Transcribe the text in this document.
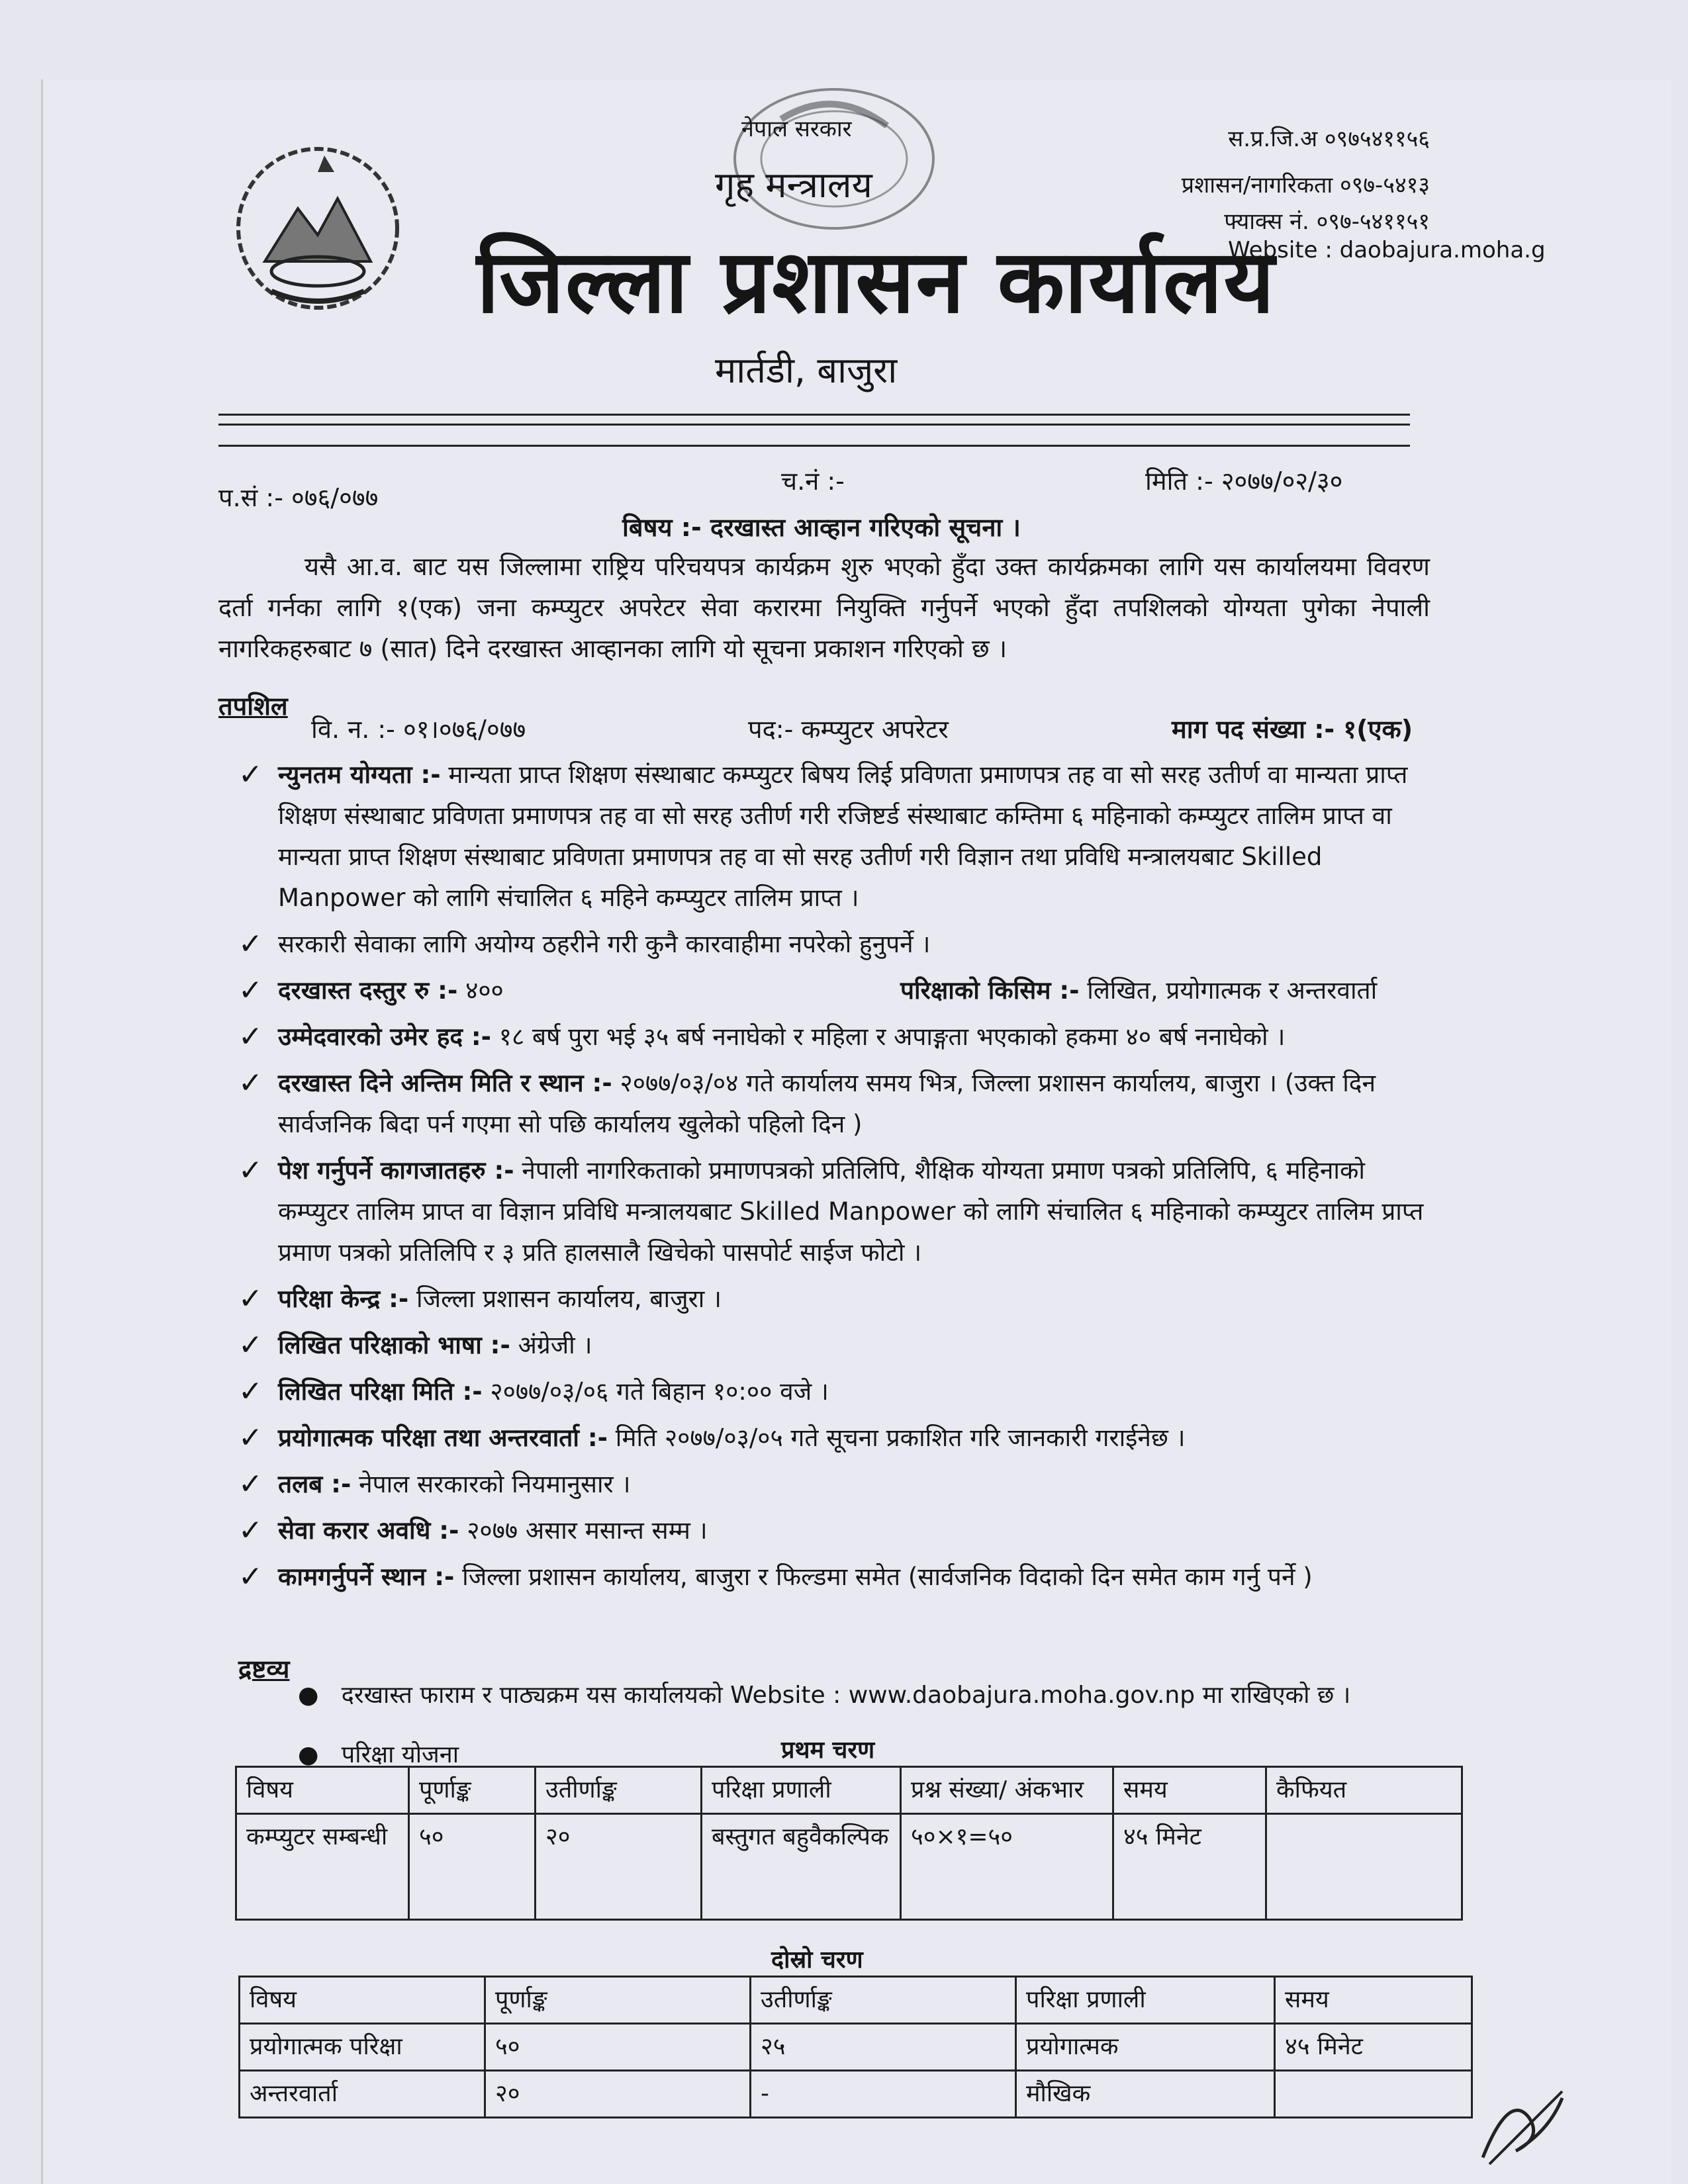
नेपाल सरकार
गृह मन्त्रालय
जिल्ला प्रशासन कार्यालय
मार्तडी, बाजुरा
स.प्र.जि.अ ०९७५४११५६
प्रशासन/नागरिकता ०९७-५४१३
फ्याक्स नं. ०९७-५४११५१
Website : daobajura.moha.g
प.सं :- ०७६/०७७
च.नं :-	मिति :- २०७७/०२/३०
बिषय :- दरखास्त आव्हान गरिएको सूचना ।
यसै आ.व. बाट यस जिल्लामा राष्ट्रिय परिचयपत्र कार्यक्रम शुरु भएको हुँदा उक्त कार्यक्रमका लागि यस कार्यालयमा विवरण दर्ता गर्नका लागि १(एक) जना कम्प्युटर अपरेटर सेवा करारमा नियुक्ति गर्नुपर्ने भएको हुँदा तपशिलको योग्यता पुगेका नेपाली नागरिकहरुबाट ७ (सात) दिने दरखास्त आव्हानका लागि यो सूचना प्रकाशन गरिएको छ ।
तपशिल
वि. न. :- ०१।०७६/०७७	पद:- कम्प्युटर अपरेटर	माग पद संख्या :- १(एक)
✓ न्युनतम योग्यता :- मान्यता प्राप्त शिक्षण संस्थाबाट कम्प्युटर बिषय लिई प्रविणता प्रमाणपत्र तह वा सो सरह उतीर्ण वा मान्यता प्राप्त शिक्षण संस्थाबाट प्रविणता प्रमाणपत्र तह वा सो सरह उतीर्ण गरी रजिष्टर्ड संस्थाबाट कम्तिमा ६ महिनाको कम्प्युटर तालिम प्राप्त वा मान्यता प्राप्त शिक्षण संस्थाबाट प्रविणता प्रमाणपत्र तह वा सो सरह उतीर्ण गरी विज्ञान तथा प्रविधि मन्त्रालयबाट Skilled Manpower को लागि संचालित ६ महिने कम्प्युटर तालिम प्राप्त ।
✓ सरकारी सेवाका लागि अयोग्य ठहरीने गरी कुनै कारवाहीमा नपरेको हुनुपर्ने ।
✓ दरखास्त दस्तुर रु :- ४००	परिक्षाको किसिम :- लिखित, प्रयोगात्मक र अन्तरवार्ता
✓ उम्मेदवारको उमेर हद :- १८ बर्ष पुरा भई ३५ बर्ष ननाघेको र महिला र अपाङ्गता भएकाको हकमा ४० बर्ष ननाघेको ।
✓ दरखास्त दिने अन्तिम मिति र स्थान :- २०७७/०३/०४ गते कार्यालय समय भित्र, जिल्ला प्रशासन कार्यालय, बाजुरा । (उक्त दिन सार्वजनिक बिदा पर्न गएमा सो पछि कार्यालय खुलेको पहिलो दिन )
✓ पेश गर्नुपर्ने कागजातहरु :- नेपाली नागरिकताको प्रमाणपत्रको प्रतिलिपि, शैक्षिक योग्यता प्रमाण पत्रको प्रतिलिपि, ६ महिनाको कम्प्युटर तालिम प्राप्त वा विज्ञान प्रविधि मन्त्रालयबाट Skilled Manpower को लागि संचालित ६ महिनाको कम्प्युटर तालिम प्राप्त प्रमाण पत्रको प्रतिलिपि र ३ प्रति हालसालै खिचेको पासपोर्ट साईज फोटो ।
✓ परिक्षा केन्द्र :- जिल्ला प्रशासन कार्यालय, बाजुरा ।
✓ लिखित परिक्षाको भाषा :- अंग्रेजी ।
✓ लिखित परिक्षा मिति :- २०७७/०३/०६ गते बिहान १०:०० वजे ।
✓ प्रयोगात्मक परिक्षा तथा अन्तरवार्ता :- मिति २०७७/०३/०५ गते सूचना प्रकाशित गरि जानकारी गराईनेछ ।
✓ तलब :- नेपाल सरकारको नियमानुसार ।
✓ सेवा करार अवधि :- २०७७ असार मसान्त सम्म ।
✓ कामगर्नुपर्ने स्थान :- जिल्ला प्रशासन कार्यालय, बाजुरा र फिल्डमा समेत (सार्वजनिक विदाको दिन समेत काम गर्नु पर्ने )
द्रष्टव्य
● दरखास्त फाराम र पाठ्यक्रम यस कार्यालयको Website : www.daobajura.moha.gov.np मा राखिएको छ ।
● परिक्षा योजना	प्रथम चरण
विषय	पूर्णाङ्क	उतीर्णाङ्क	परिक्षा प्रणाली	प्रश्न संख्या/ अंकभार	समय	कैफियत
कम्प्युटर सम्बन्धी	५०	२०	बस्तुगत बहुवैकल्पिक	५०×१=५०	४५ मिनेट	
दोस्रो चरण
विषय	पूर्णाङ्क	उतीर्णाङ्क	परिक्षा प्रणाली	समय
प्रयोगात्मक परिक्षा	५०	२५	प्रयोगात्मक	४५ मिनेट
अन्तरवार्ता	२०	-	मौखिक	
